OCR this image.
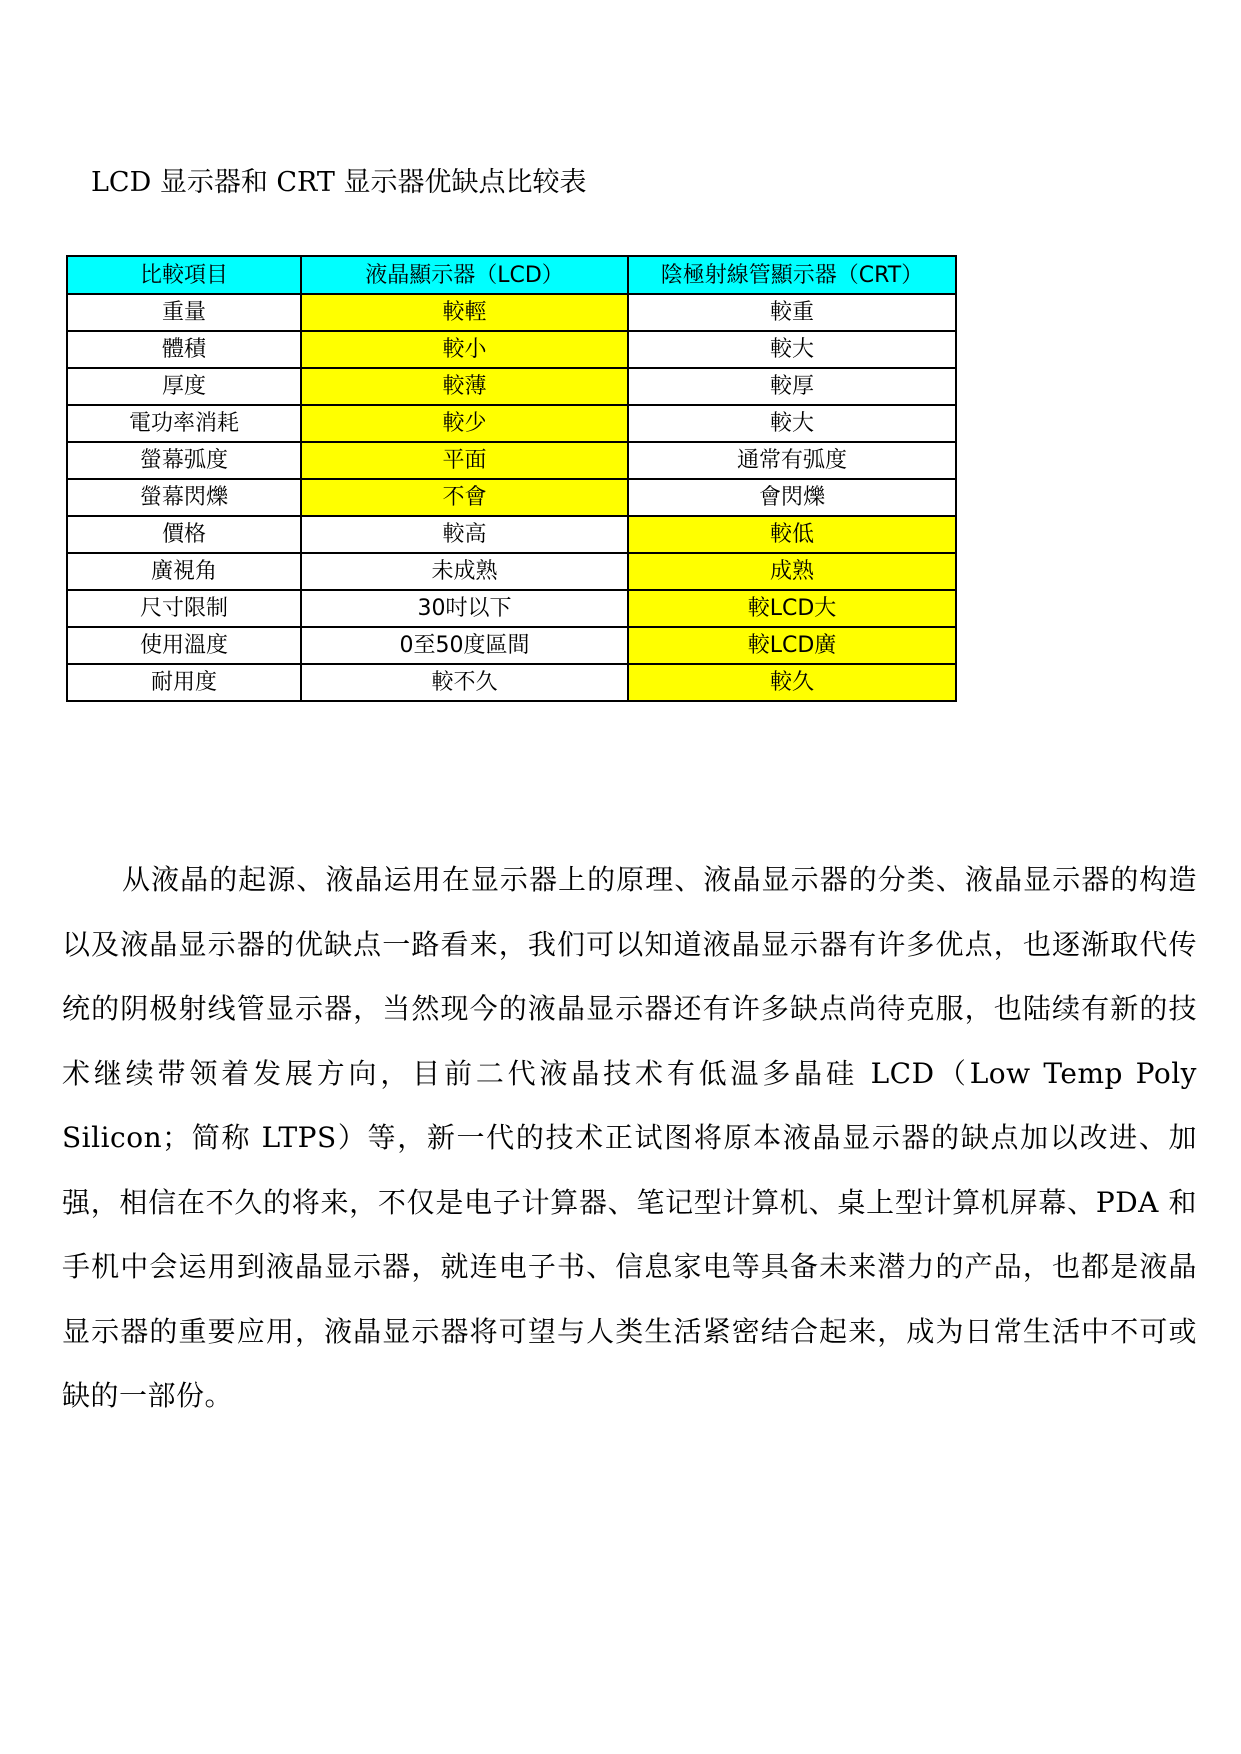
LCD 显示器和 CRT 显示器优缺点比较表
比較項目	液晶顯示器（LCD）	陰極射線管顯示器（CRT）
重量	較輕	較重
體積	較小	較大
厚度	較薄	較厚
電功率消耗	較少	較大
螢幕弧度	平面	通常有弧度
螢幕閃爍	不會	會閃爍
價格	較高	較低
廣視角	未成熟	成熟
尺寸限制	30吋以下	較LCD大
使用溫度	0至50度區間	較LCD廣
耐用度	較不久	較久

从液晶的起源、液晶运用在显示器上的原理、液晶显示器的分类、液晶显示器的构造以及液晶显示器的优缺点一路看来，我们可以知道液晶显示器有许多优点，也逐渐取代传统的阴极射线管显示器，当然现今的液晶显示器还有许多缺点尚待克服，也陆续有新的技术继续带领着发展方向，目前二代液晶技术有低温多晶硅 LCD（Low Temp Poly Silicon；简称 LTPS）等，新一代的技术正试图将原本液晶显示器的缺点加以改进、加强，相信在不久的将来，不仅是电子计算器、笔记型计算机、桌上型计算机屏幕、PDA 和手机中会运用到液晶显示器，就连电子书、信息家电等具备未来潜力的产品，也都是液晶显示器的重要应用，液晶显示器将可望与人类生活紧密结合起来，成为日常生活中不可或缺的一部份。
